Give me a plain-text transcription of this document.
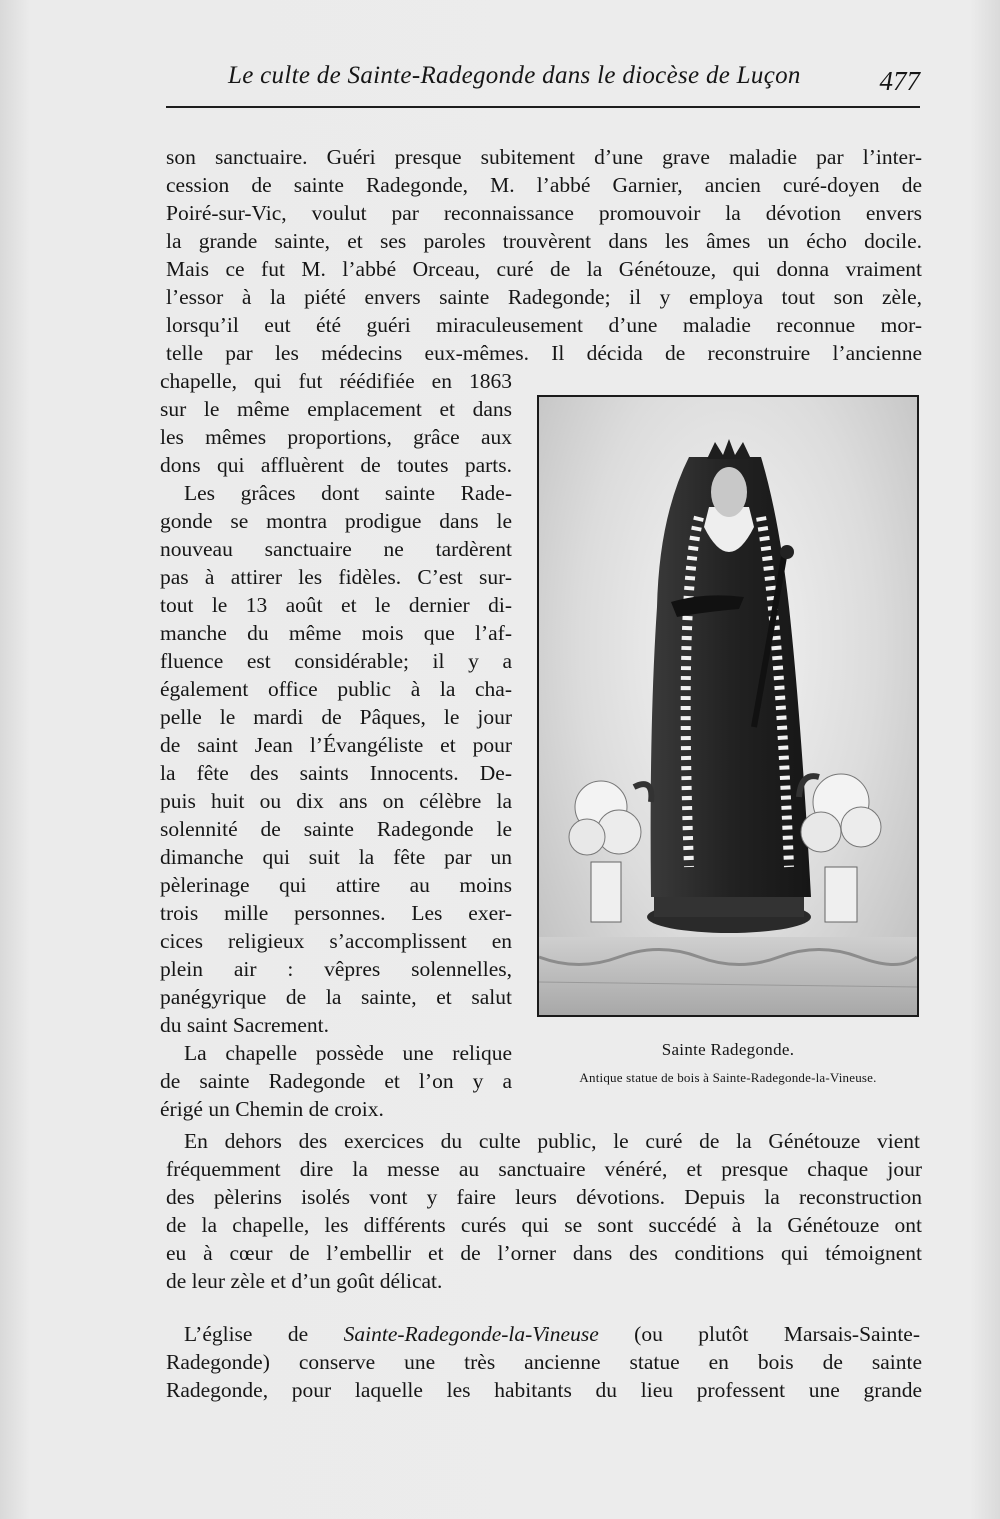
Le culte de Sainte-Radegonde dans le diocèse de Luçon	477
son sanctuaire. Guéri presque subitement d’une grave maladie par l’inter-
cession de sainte Radegonde, M. l’abbé Garnier, ancien curé-doyen de
Poiré-sur-Vic, voulut par reconnaissance promouvoir la dévotion envers
la grande sainte, et ses paroles trouvèrent dans les âmes un écho docile.
Mais ce fut M. l’abbé Orceau, curé de la Génétouze, qui donna vraiment
l’essor à la piété envers sainte Radegonde; il y employa tout son zèle,
lorsqu’il eut été guéri miraculeusement d’une maladie reconnue mor-
telle par les médecins eux-mêmes. Il décida de reconstruire l’ancienne
chapelle, qui fut réédifiée en 1863
sur le même emplacement et dans
les mêmes proportions, grâce aux
dons qui affluèrent de toutes parts.
Les grâces dont sainte Rade-
gonde se montra prodigue dans le
nouveau sanctuaire ne tardèrent
pas à attirer les fidèles. C’est sur-
tout le 13 août et le dernier di-
manche du même mois que l’af-
fluence est considérable; il y a
également office public à la cha-
pelle le mardi de Pâques, le jour
de saint Jean l’Évangéliste et pour
la fête des saints Innocents. De-
puis huit ou dix ans on célèbre la
solennité de sainte Radegonde le
dimanche qui suit la fête par un
pèlerinage qui attire au moins
trois mille personnes. Les exer-
cices religieux s’accomplissent en
plein air : vêpres solennelles,
panégyrique de la sainte, et salut
du saint Sacrement.
La chapelle possède une relique
de sainte Radegonde et l’on y a
érigé un Chemin de croix.
En dehors des exercices du culte public, le curé de la Génétouze vient
fréquemment dire la messe au sanctuaire vénéré, et presque chaque jour
des pèlerins isolés vont y faire leurs dévotions. Depuis la reconstruction
de la chapelle, les différents curés qui se sont succédé à la Génétouze ont
eu à cœur de l’embellir et de l’orner dans des conditions qui témoignent
de leur zèle et d’un goût délicat.
L’église de Sainte-Radegonde-la-Vineuse (ou plutôt Marsais-Sainte-
Radegonde) conserve une très ancienne statue en bois de sainte
Radegonde, pour laquelle les habitants du lieu professent une grande
Sainte Radegonde.
Antique statue de bois à Sainte-Radegonde-la-Vineuse.
